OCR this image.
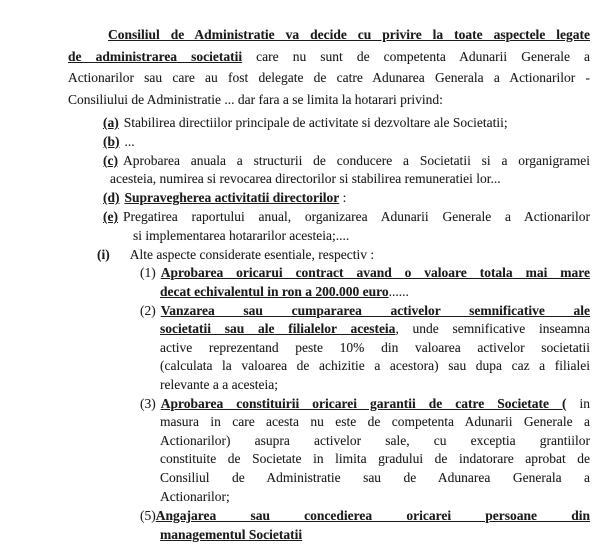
Consiliul de Administratie va decide cu privire la toate aspectele legate
de administrarea societatii care nu sunt de competenta Adunarii Generale a
Actionarilor sau care au fost delegate de catre Adunarea Generala a Actionarilor -
Consiliului de Administratie ... dar fara a se limita la hotarari privind:
(a) Stabilirea directiilor principale de activitate si dezvoltare ale Societatii;
(b) ...
(c) Aprobarea anuala a structurii de conducere a Societatii si a organigramei
acesteia, numirea si revocarea directorilor si stabilirea remuneratiei lor...
(d) Supravegherea activitatii directorilor :
(e) Pregatirea raportului anual, organizarea Adunarii Generale a Actionarilor
si implementarea hotararilor acesteia;....
(i) Alte aspecte considerate esentiale, respectiv :
(1) Aprobarea oricarui contract avand o valoare totala mai mare
decat echivalentul in ron a 200.000 euro......
(2) Vanzarea sau cumpararea activelor semnificative ale
societatii sau ale filialelor acesteia, unde semnificative inseamna
active reprezentand peste 10% din valoarea activelor societatii
(calculata la valoarea de achizitie a acestora) sau dupa caz a filialei
relevante a a acesteia;
(3) Aprobarea constituirii oricarei garantii de catre Societate ( in
masura in care acesta nu este de competenta Adunarii Generale a
Actionarilor) asupra activelor sale, cu exceptia grantiilor
constituite de Societate in limita gradului de indatorare aprobat de
Consiliul de Administratie sau de Adunarea Generala a
Actionarilor;
(5)Angajarea sau concedierea oricarei persoane din
managementul Societatii
